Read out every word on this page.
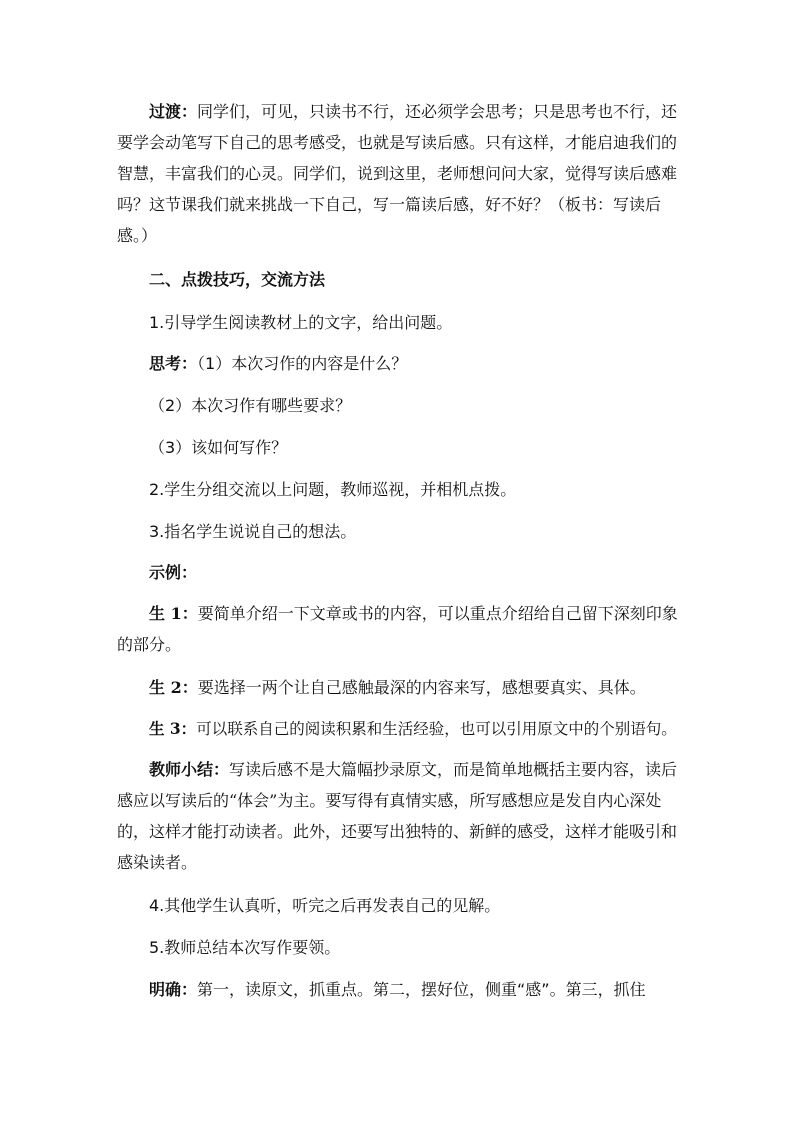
过渡：同学们，可见，只读书不行，还必须学会思考；只是思考也不行，还要学会动笔写下自己的思考感受，也就是写读后感。只有这样，才能启迪我们的智慧，丰富我们的心灵。同学们，说到这里，老师想问问大家，觉得写读后感难吗？这节课我们就来挑战一下自己，写一篇读后感，好不好？（板书：写读后感。）

二、点拨技巧，交流方法

1.引导学生阅读教材上的文字，给出问题。

思考：（1）本次习作的内容是什么？

（2）本次习作有哪些要求？

（3）该如何写作？

2.学生分组交流以上问题，教师巡视，并相机点拨。

3.指名学生说说自己的想法。

示例：

生 1：要简单介绍一下文章或书的内容，可以重点介绍给自己留下深刻印象的部分。

生 2：要选择一两个让自己感触最深的内容来写，感想要真实、具体。

生 3：可以联系自己的阅读积累和生活经验，也可以引用原文中的个别语句。

教师小结：写读后感不是大篇幅抄录原文，而是简单地概括主要内容，读后感应以写读后的“体会”为主。要写得有真情实感，所写感想应是发自内心深处的，这样才能打动读者。此外，还要写出独特的、新鲜的感受，这样才能吸引和感染读者。

4.其他学生认真听，听完之后再发表自己的见解。

5.教师总结本次写作要领。

明确：第一，读原文，抓重点。第二，摆好位，侧重“感”。第三，抓住
